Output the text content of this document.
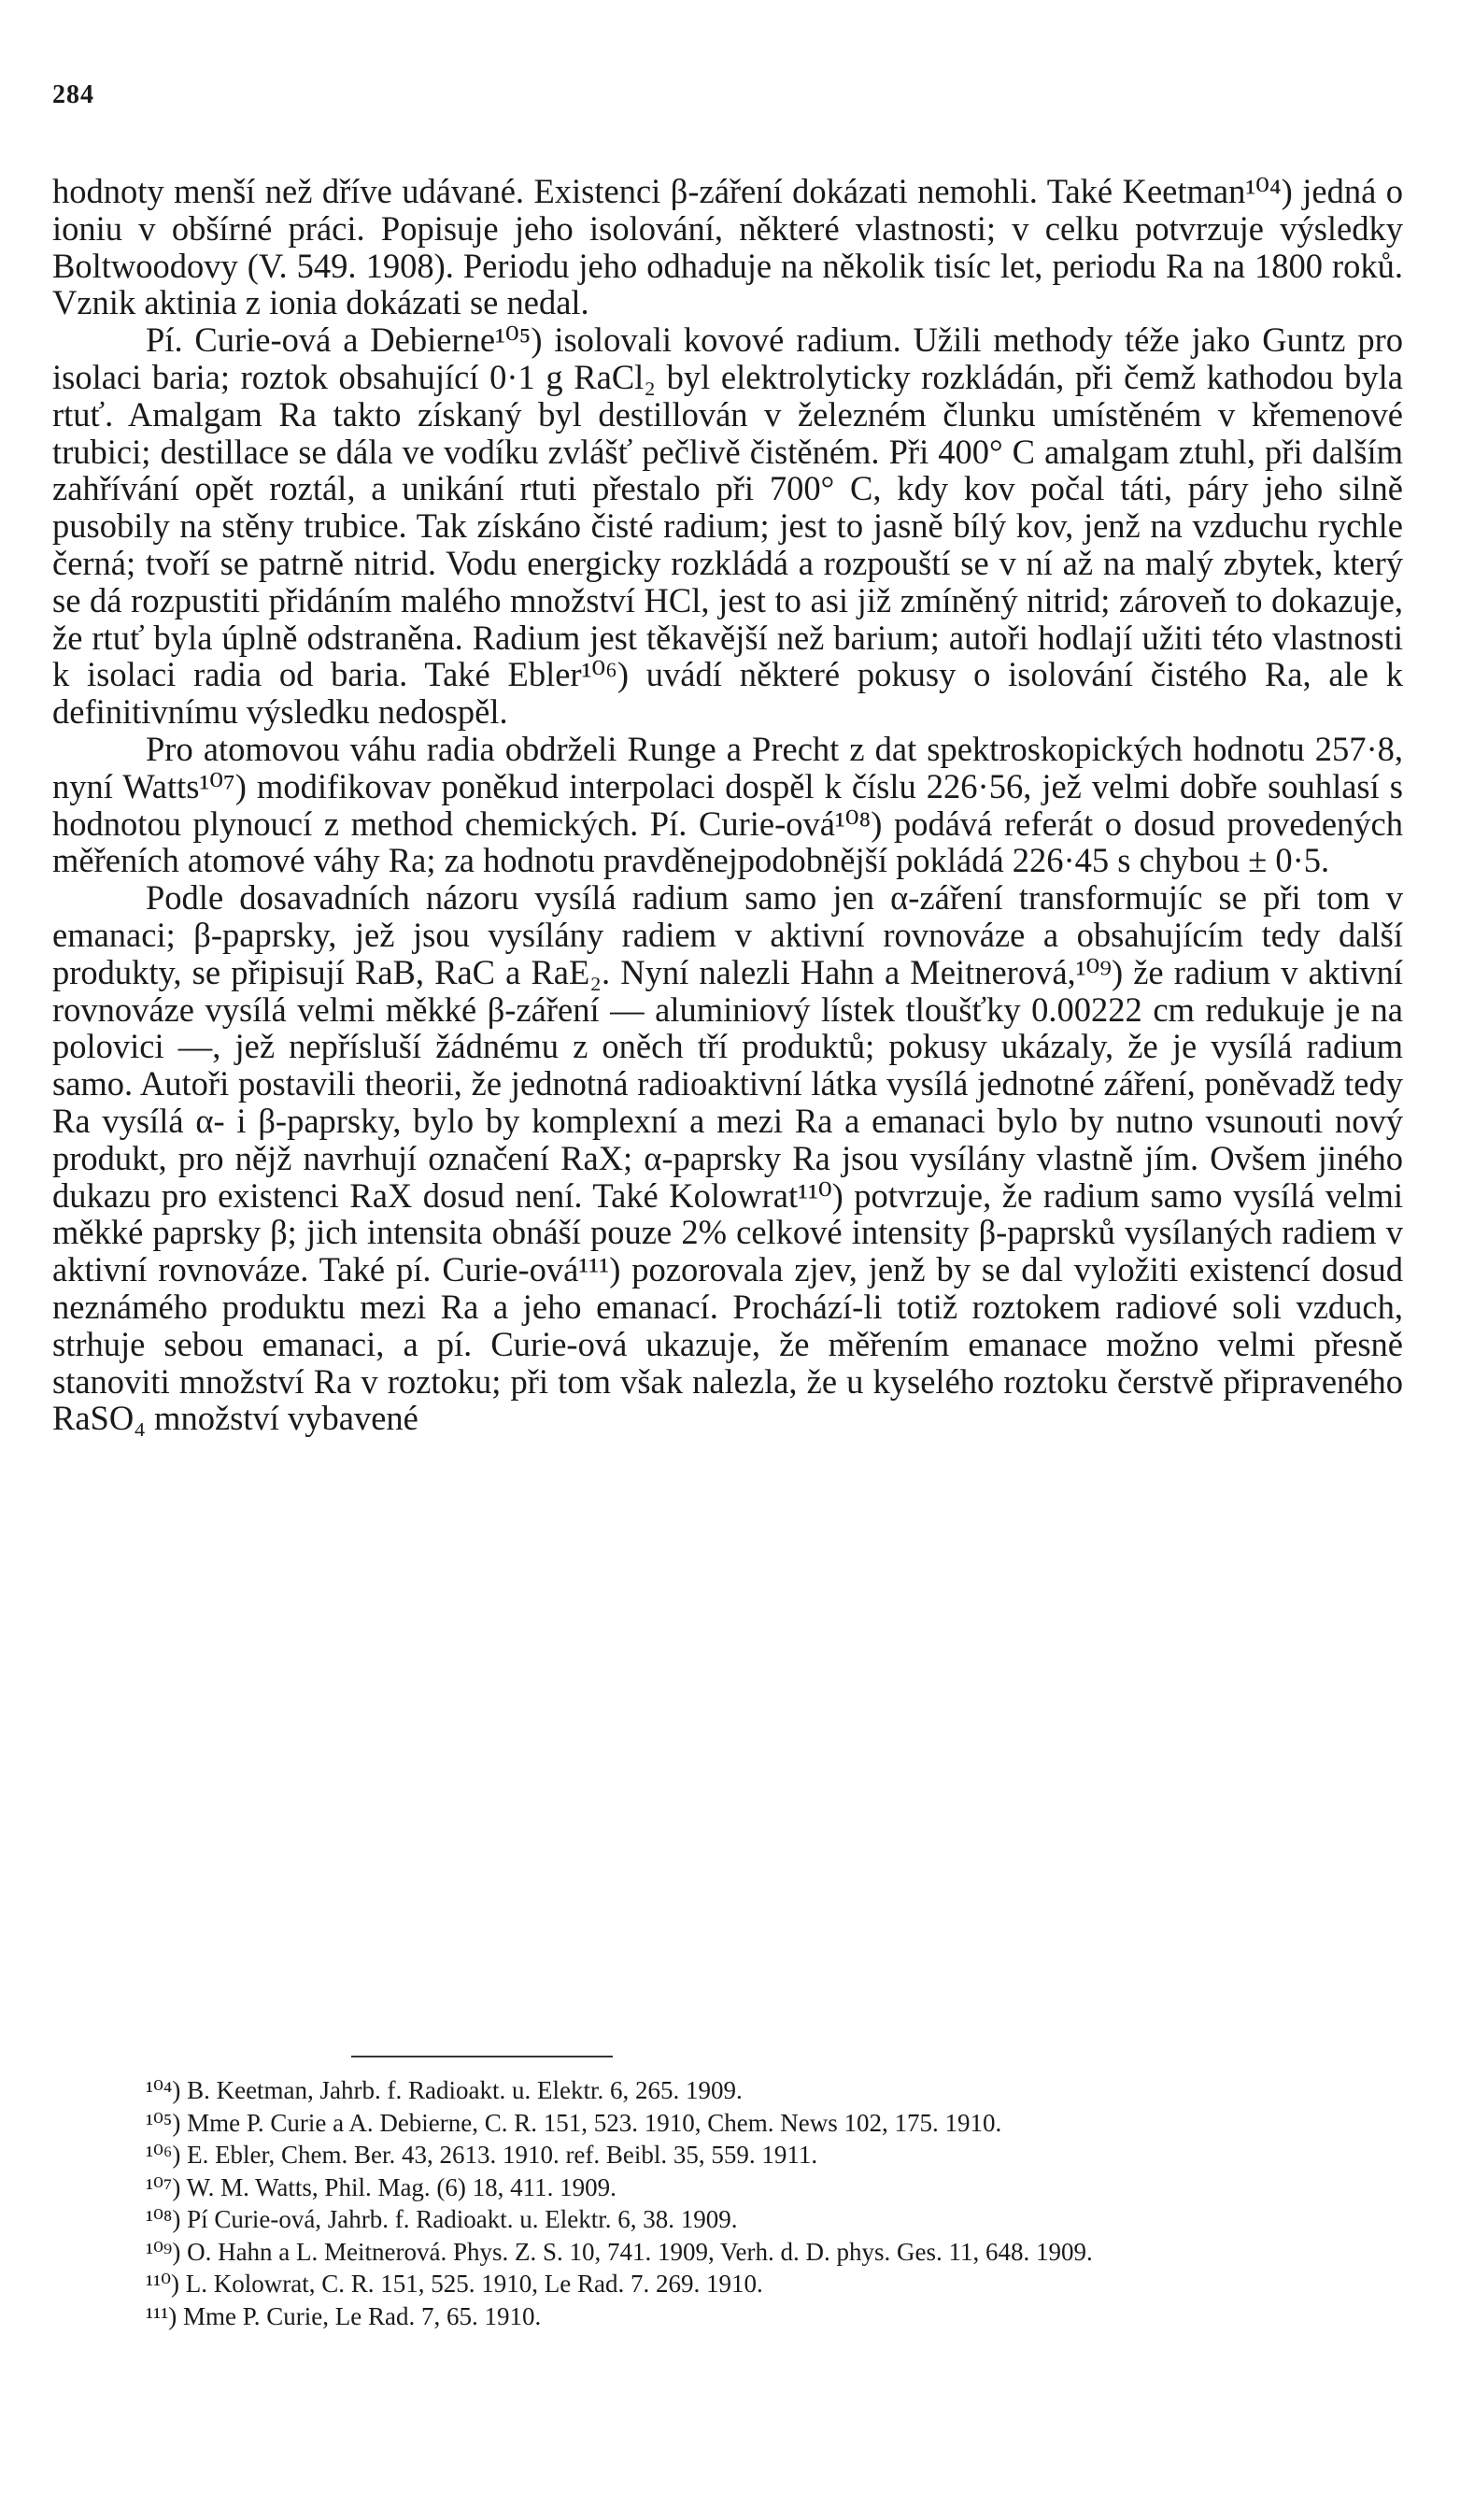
284

hodnoty menší než dříve udávané. Existenci β-záření dokázati nemohli. Také Keetman¹⁰⁴) jedná o ioniu v obšírné práci. Popisuje jeho isolování, některé vlastnosti; v celku potvrzuje výsledky Boltwoodovy (V. 549. 1908). Periodu jeho odhaduje na několik tisíc let, periodu Ra na 1800 roků. Vznik aktinia z ionia dokázati se nedal.

Pí. Curie-ová a Debierne¹⁰⁵) isolovali kovové radium. Užili methody téže jako Guntz pro isolaci baria; roztok obsahující 0·1 g RaCl₂ byl elektrolyticky rozkládán, při čemž kathodou byla rtuť. Amalgam Ra takto získaný byl destillován v železném člunku umístěném v křemenové trubici; destillace se dála ve vodíku zvlášť pečlivě čistěném. Při 400° C amalgam ztuhl, při dalším zahřívání opět roztál, a unikání rtuti přestalo při 700° C, kdy kov počal táti, páry jeho silně pusobily na stěny trubice. Tak získáno čisté radium; jest to jasně bílý kov, jenž na vzduchu rychle černá; tvoří se patrně nitrid. Vodu energicky rozkládá a rozpouští se v ní až na malý zbytek, který se dá rozpustiti přidáním malého množství HCl, jest to asi již zmíněný nitrid; zároveň to dokazuje, že rtuť byla úplně odstraněna. Radium jest těkavější než barium; autoři hodlají užiti této vlastnosti k isolaci radia od baria. Také Ebler¹⁰⁶) uvádí některé pokusy o isolování čistého Ra, ale k definitivnímu výsledku nedospěl.

Pro atomovou váhu radia obdrželi Runge a Precht z dat spektroskopických hodnotu 257·8, nyní Watts¹⁰⁷) modifikovav poněkud interpolaci dospěl k číslu 226·56, jež velmi dobře souhlasí s hodnotou plynoucí z method chemických. Pí. Curie-ová¹⁰⁸) podává referát o dosud provedených měřeních atomové váhy Ra; za hodnotu pravděnejpodobnější pokládá 226·45 s chybou ± 0·5.

Podle dosavadních názoru vysílá radium samo jen α-záření transformujíc se při tom v emanaci; β-paprsky, jež jsou vysílány radiem v aktivní rovnováze a obsahujícím tedy další produkty, se připisují RaB, RaC a RaE₂. Nyní nalezli Hahn a Meitnerová,¹⁰⁹) že radium v aktivní rovnováze vysílá velmi měkké β-záření — aluminiový lístek tloušťky 0.00222 cm redukuje je na polovici —, jež nepřísluší žádnému z oněch tří produktů; pokusy ukázaly, že je vysílá radium samo. Autoři postavili theorii, že jednotná radioaktivní látka vysílá jednotné záření, poněvadž tedy Ra vysílá α- i β-paprsky, bylo by komplexní a mezi Ra a emanaci bylo by nutno vsunouti nový produkt, pro nějž navrhují označení RaX; α-paprsky Ra jsou vysílány vlastně jím. Ovšem jiného dukazu pro existenci RaX dosud není. Také Kolowrat¹¹⁰) potvrzuje, že radium samo vysílá velmi měkké paprsky β; jich intensita obnáší pouze 2% celkové intensity β-paprsků vysílaných radiem v aktivní rovnováze. Také pí. Curie-ová¹¹¹) pozorovala zjev, jenž by se dal vyložiti existencí dosud neznámého produktu mezi Ra a jeho emanací. Prochází-li totiž roztokem radiové soli vzduch, strhuje sebou emanaci, a pí. Curie-ová ukazuje, že měřením emanace možno velmi přesně stanoviti množství Ra v roztoku; při tom však nalezla, že u kyselého roztoku čerstvě připraveného RaSO₄ množství vybavené

¹⁰⁴) B. Keetman, Jahrb. f. Radioakt. u. Elektr. 6, 265. 1909.

¹⁰⁵) Mme P. Curie a A. Debierne, C. R. 151, 523. 1910, Chem. News 102, 175. 1910.

¹⁰⁶) E. Ebler, Chem. Ber. 43, 2613. 1910. ref. Beibl. 35, 559. 1911.

¹⁰⁷) W. M. Watts, Phil. Mag. (6) 18, 411. 1909.

¹⁰⁸) Pí Curie-ová, Jahrb. f. Radioakt. u. Elektr. 6, 38. 1909.

¹⁰⁹) O. Hahn a L. Meitnerová. Phys. Z. S. 10, 741. 1909, Verh. d. D. phys. Ges. 11, 648. 1909.

¹¹⁰) L. Kolowrat, C. R. 151, 525. 1910, Le Rad. 7. 269. 1910.

¹¹¹) Mme P. Curie, Le Rad. 7, 65. 1910.
